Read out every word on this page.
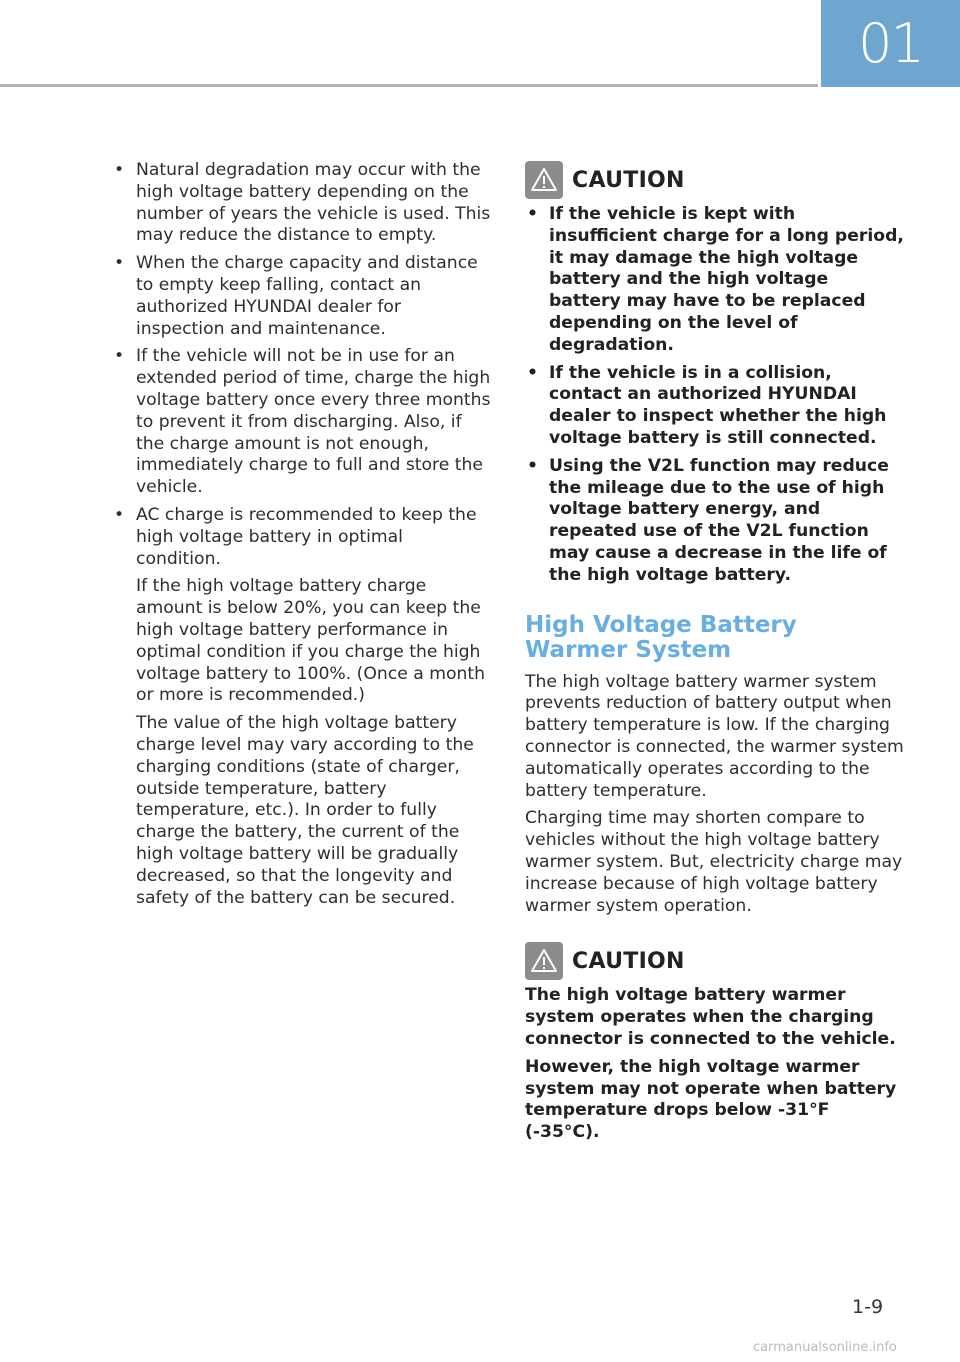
01
• Natural degradation may occur with the high voltage battery depending on the number of years the vehicle is used. This may reduce the distance to empty.
• When the charge capacity and distance to empty keep falling, contact an authorized HYUNDAI dealer for inspection and maintenance.
• If the vehicle will not be in use for an extended period of time, charge the high voltage battery once every three months to prevent it from discharging. Also, if the charge amount is not enough, immediately charge to full and store the vehicle.
• AC charge is recommended to keep the high voltage battery in optimal condition.

If the high voltage battery charge amount is below 20%, you can keep the high voltage battery performance in optimal condition if you charge the high voltage battery to 100%. (Once a month or more is recommended.)

The value of the high voltage battery charge level may vary according to the charging conditions (state of charger, outside temperature, battery temperature, etc.). In order to fully charge the battery, the current of the high voltage battery will be gradually decreased, so that the longevity and safety of the battery can be secured.

CAUTION
• If the vehicle is kept with insufficient charge for a long period, it may damage the high voltage battery and the high voltage battery may have to be replaced depending on the level of degradation.
• If the vehicle is in a collision, contact an authorized HYUNDAI dealer to inspect whether the high voltage battery is still connected.
• Using the V2L function may reduce the mileage due to the use of high voltage battery energy, and repeated use of the V2L function may cause a decrease in the life of the high voltage battery.
High Voltage Battery Warmer System

The high voltage battery warmer system prevents reduction of battery output when battery temperature is low. If the charging connector is connected, the warmer system automatically operates according to the battery temperature.

Charging time may shorten compare to vehicles without the high voltage battery warmer system. But, electricity charge may increase because of high voltage battery warmer system operation.

CAUTION

The high voltage battery warmer system operates when the charging connector is connected to the vehicle.

However, the high voltage warmer system may not operate when battery temperature drops below -31°F (-35°C).

1-9
carmanualsonline.info
